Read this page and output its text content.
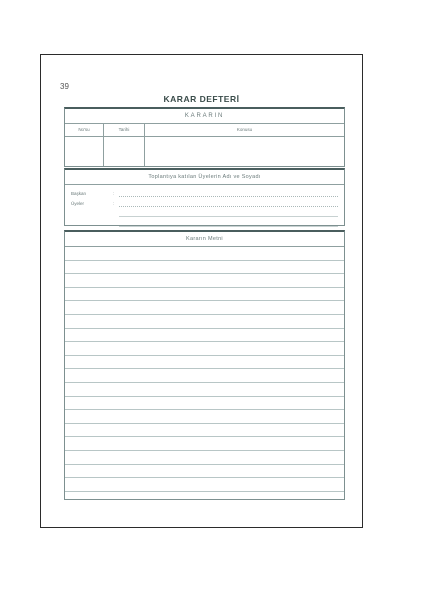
39
KARAR DEFTERİ
KARARIN
No'su	Tarihi	Konusu
Toplantıya katılan Üyelerin Adı ve Soyadı
Başkan	:
Üyeler	:
Kararın Metni
